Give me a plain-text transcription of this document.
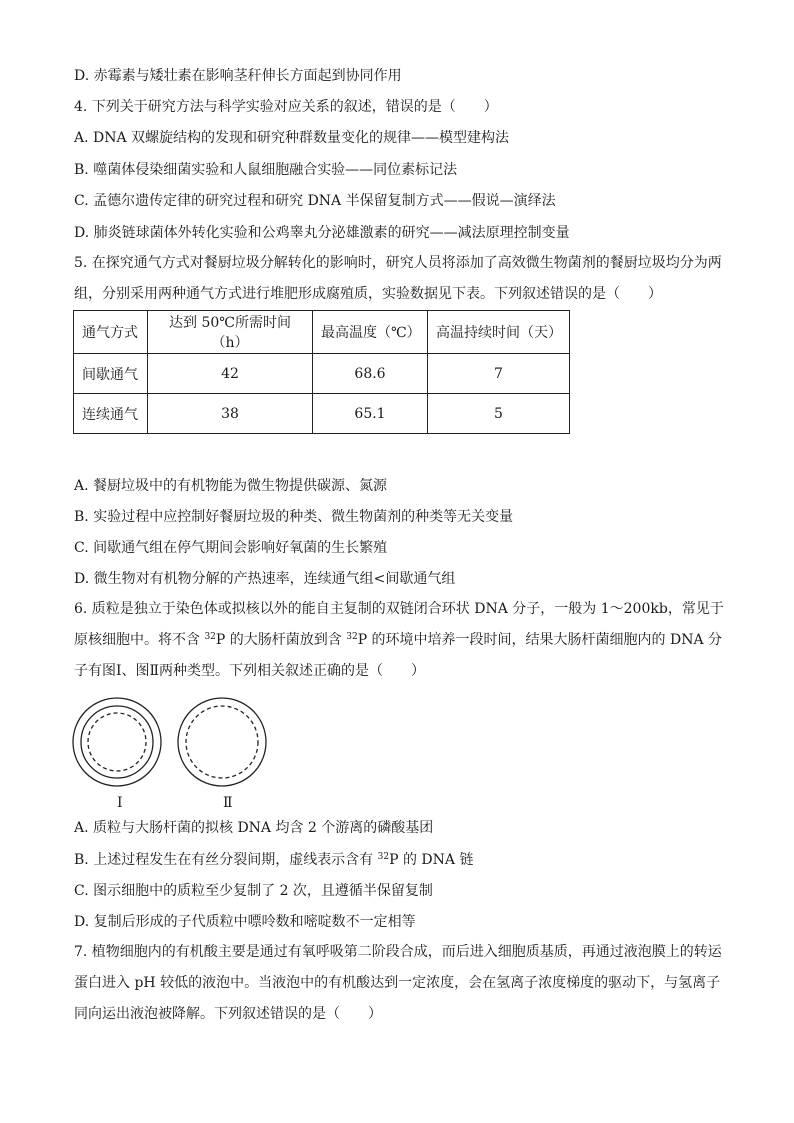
D. 赤霉素与矮壮素在影响茎秆伸长方面起到协同作用
4. 下列关于研究方法与科学实验对应关系的叙述，错误的是（　　）
A. DNA 双螺旋结构的发现和研究种群数量变化的规律——模型建构法
B. 噬菌体侵染细菌实验和人鼠细胞融合实验——同位素标记法
C. 孟德尔遗传定律的研究过程和研究 DNA 半保留复制方式——假说—演绎法
D. 肺炎链球菌体外转化实验和公鸡睾丸分泌雄激素的研究——减法原理控制变量
5. 在探究通气方式对餐厨垃圾分解转化的影响时，研究人员将添加了高效微生物菌剂的餐厨垃圾均分为两组，分别采用两种通气方式进行堆肥形成腐殖质，实验数据见下表。下列叙述错误的是（　　）
通气方式	达到 50℃所需时间（h）	最高温度（℃）	高温持续时间（天）
间歇通气	42	68.6	7
连续通气	38	65.1	5
A. 餐厨垃圾中的有机物能为微生物提供碳源、氮源
B. 实验过程中应控制好餐厨垃圾的种类、微生物菌剂的种类等无关变量
C. 间歇通气组在停气期间会影响好氧菌的生长繁殖
D. 微生物对有机物分解的产热速率，连续通气组<间歇通气组
6. 质粒是独立于染色体或拟核以外的能自主复制的双链闭合环状 DNA 分子，一般为 1～200kb，常见于原核细胞中。将不含 $^{32}$P 的大肠杆菌放到含 $^{32}$P 的环境中培养一段时间，结果大肠杆菌细胞内的 DNA 分子有图Ⅰ、图Ⅱ两种类型。下列相关叙述正确的是（　　）
Ⅰ	Ⅱ
A. 质粒与大肠杆菌的拟核 DNA 均含 2 个游离的磷酸基团
B. 上述过程发生在有丝分裂间期，虚线表示含有 $^{32}$P 的 DNA 链
C. 图示细胞中的质粒至少复制了 2 次，且遵循半保留复制
D. 复制后形成的子代质粒中嘌呤数和嘧啶数不一定相等
7. 植物细胞内的有机酸主要是通过有氧呼吸第二阶段合成，而后进入细胞质基质，再通过液泡膜上的转运蛋白进入 pH 较低的液泡中。当液泡中的有机酸达到一定浓度，会在氢离子浓度梯度的驱动下，与氢离子同向运出液泡被降解。下列叙述错误的是（　　）
